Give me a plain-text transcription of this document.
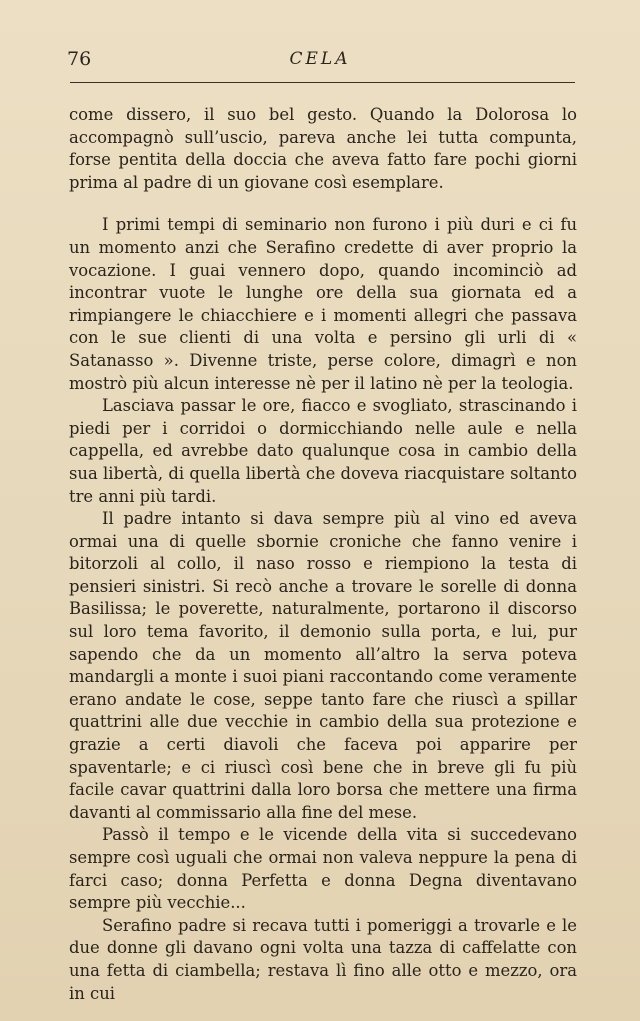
76	CELA

come dissero, il suo bel gesto. Quando la Dolorosa lo accompagnò sull’uscio, pareva anche lei tutta compunta, forse pentita della doccia che aveva fatto fare pochi giorni prima al padre di un giovane così esemplare.

I primi tempi di seminario non furono i più duri e ci fu un momento anzi che Serafino credette di aver proprio la vocazione. I guai vennero dopo, quando incominciò ad incontrar vuote le lunghe ore della sua giornata ed a rimpiangere le chiacchiere e i momenti allegri che passava con le sue clienti di una volta e persino gli urli di « Satanasso ». Divenne triste, perse colore, dimagrì e non mostrò più alcun interesse nè per il latino nè per la teologia.

Lasciava passar le ore, fiacco e svogliato, strascinando i piedi per i corridoi o dormicchiando nelle aule e nella cappella, ed avrebbe dato qualunque cosa in cambio della sua libertà, di quella libertà che doveva riacquistare soltanto tre anni più tardi.

Il padre intanto si dava sempre più al vino ed aveva ormai una di quelle sbornie croniche che fanno venire i bitorzoli al collo, il naso rosso e riempiono la testa di pensieri sinistri. Si recò anche a trovare le sorelle di donna Basilissa; le poverette, naturalmente, portarono il discorso sul loro tema favorito, il demonio sulla porta, e lui, pur sapendo che da un momento all’altro la serva poteva mandargli a monte i suoi piani raccontando come veramente erano andate le cose, seppe tanto fare che riuscì a spillar quattrini alle due vecchie in cambio della sua protezione e grazie a certi diavoli che faceva poi apparire per spaventarle; e ci riuscì così bene che in breve gli fu più facile cavar quattrini dalla loro borsa che mettere una firma davanti al commissario alla fine del mese.

Passò il tempo e le vicende della vita si succedevano sempre così uguali che ormai non valeva neppure la pena di farci caso; donna Perfetta e donna Degna diventavano sempre più vecchie...

Serafino padre si recava tutti i pomeriggi a trovarle e le due donne gli davano ogni volta una tazza di caffelatte con una fetta di ciambella; restava lì fino alle otto e mezzo, ora in cui
